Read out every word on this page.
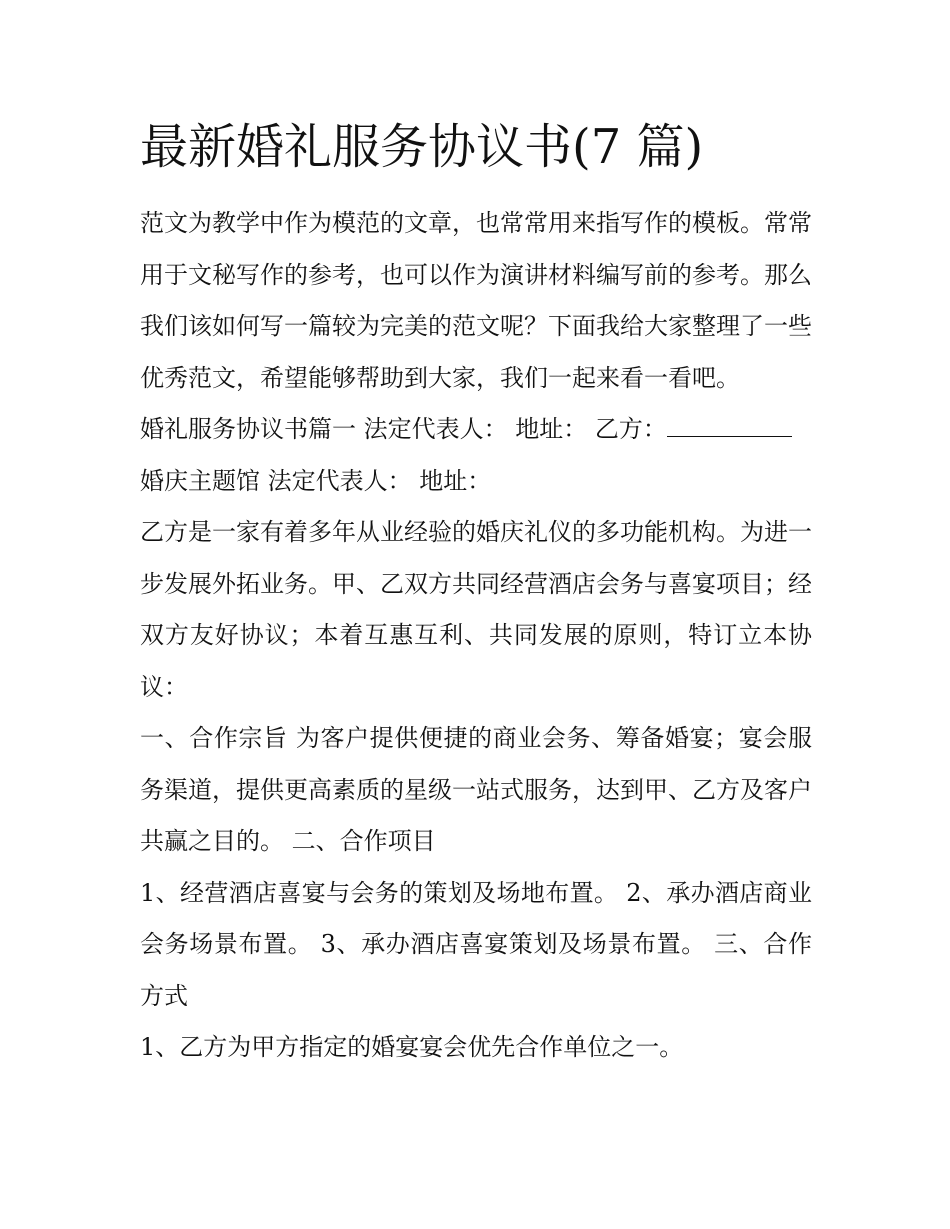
最新婚礼服务协议书(7 篇)

范文为教学中作为模范的文章，也常常用来指写作的模板。常常用于文秘写作的参考，也可以作为演讲材料编写前的参考。那么我们该如何写一篇较为完美的范文呢？下面我给大家整理了一些优秀范文，希望能够帮助到大家，我们一起来看一看吧。

婚礼服务协议书篇一 法定代表人： 地址： 乙方：

婚庆主题馆 法定代表人： 地址：

乙方是一家有着多年从业经验的婚庆礼仪的多功能机构。为进一步发展外拓业务。甲、乙双方共同经营酒店会务与喜宴项目；经双方友好协议；本着互惠互利、共同发展的原则，特订立本协议：

一、合作宗旨 为客户提供便捷的商业会务、筹备婚宴；宴会服务渠道，提供更高素质的星级一站式服务，达到甲、乙方及客户共赢之目的。 二、合作项目

1、经营酒店喜宴与会务的策划及场地布置。 2、承办酒店商业会务场景布置。 3、承办酒店喜宴策划及场景布置。 三、合作方式

1、乙方为甲方指定的婚宴宴会优先合作单位之一。
